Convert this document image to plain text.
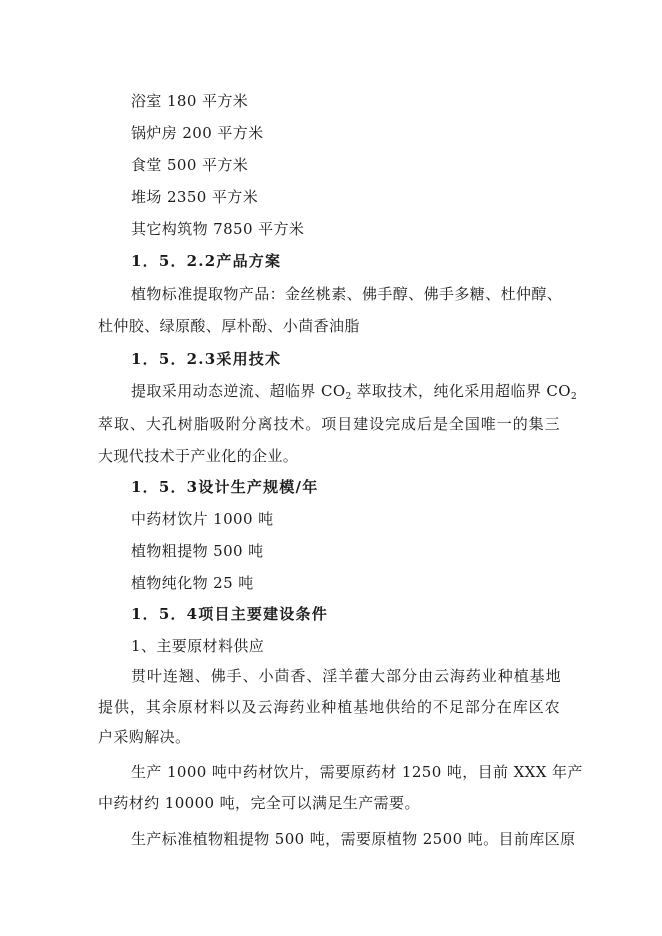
浴室 180 平方米
锅炉房 200 平方米
食堂 500 平方米
堆场 2350 平方米
其它构筑物 7850 平方米
1．5．2.2产品方案
植物标准提取物产品：金丝桃素、佛手醇、佛手多糖、杜仲醇、
杜仲胶、绿原酸、厚朴酚、小茴香油脂
1．5．2.3采用技术
提取采用动态逆流、超临界 $CO_2$ 萃取技术，纯化采用超临界 $CO_2$
萃取、大孔树脂吸附分离技术。项目建设完成后是全国唯一的集三
大现代技术于产业化的企业。
1．5．3设计生产规模/年
中药材饮片 1000 吨
植物粗提物 500 吨
植物纯化物 25 吨
1．5．4项目主要建设条件
1、主要原材料供应
贯叶连翘、佛手、小茴香、淫羊藿大部分由云海药业种植基地
提供，其余原材料以及云海药业种植基地供给的不足部分在库区农
户采购解决。
生产 1000 吨中药材饮片，需要原药材 1250 吨，目前 XXX 年产
中药材约 10000 吨，完全可以满足生产需要。
生产标准植物粗提物 500 吨，需要原植物 2500 吨。目前库区原
